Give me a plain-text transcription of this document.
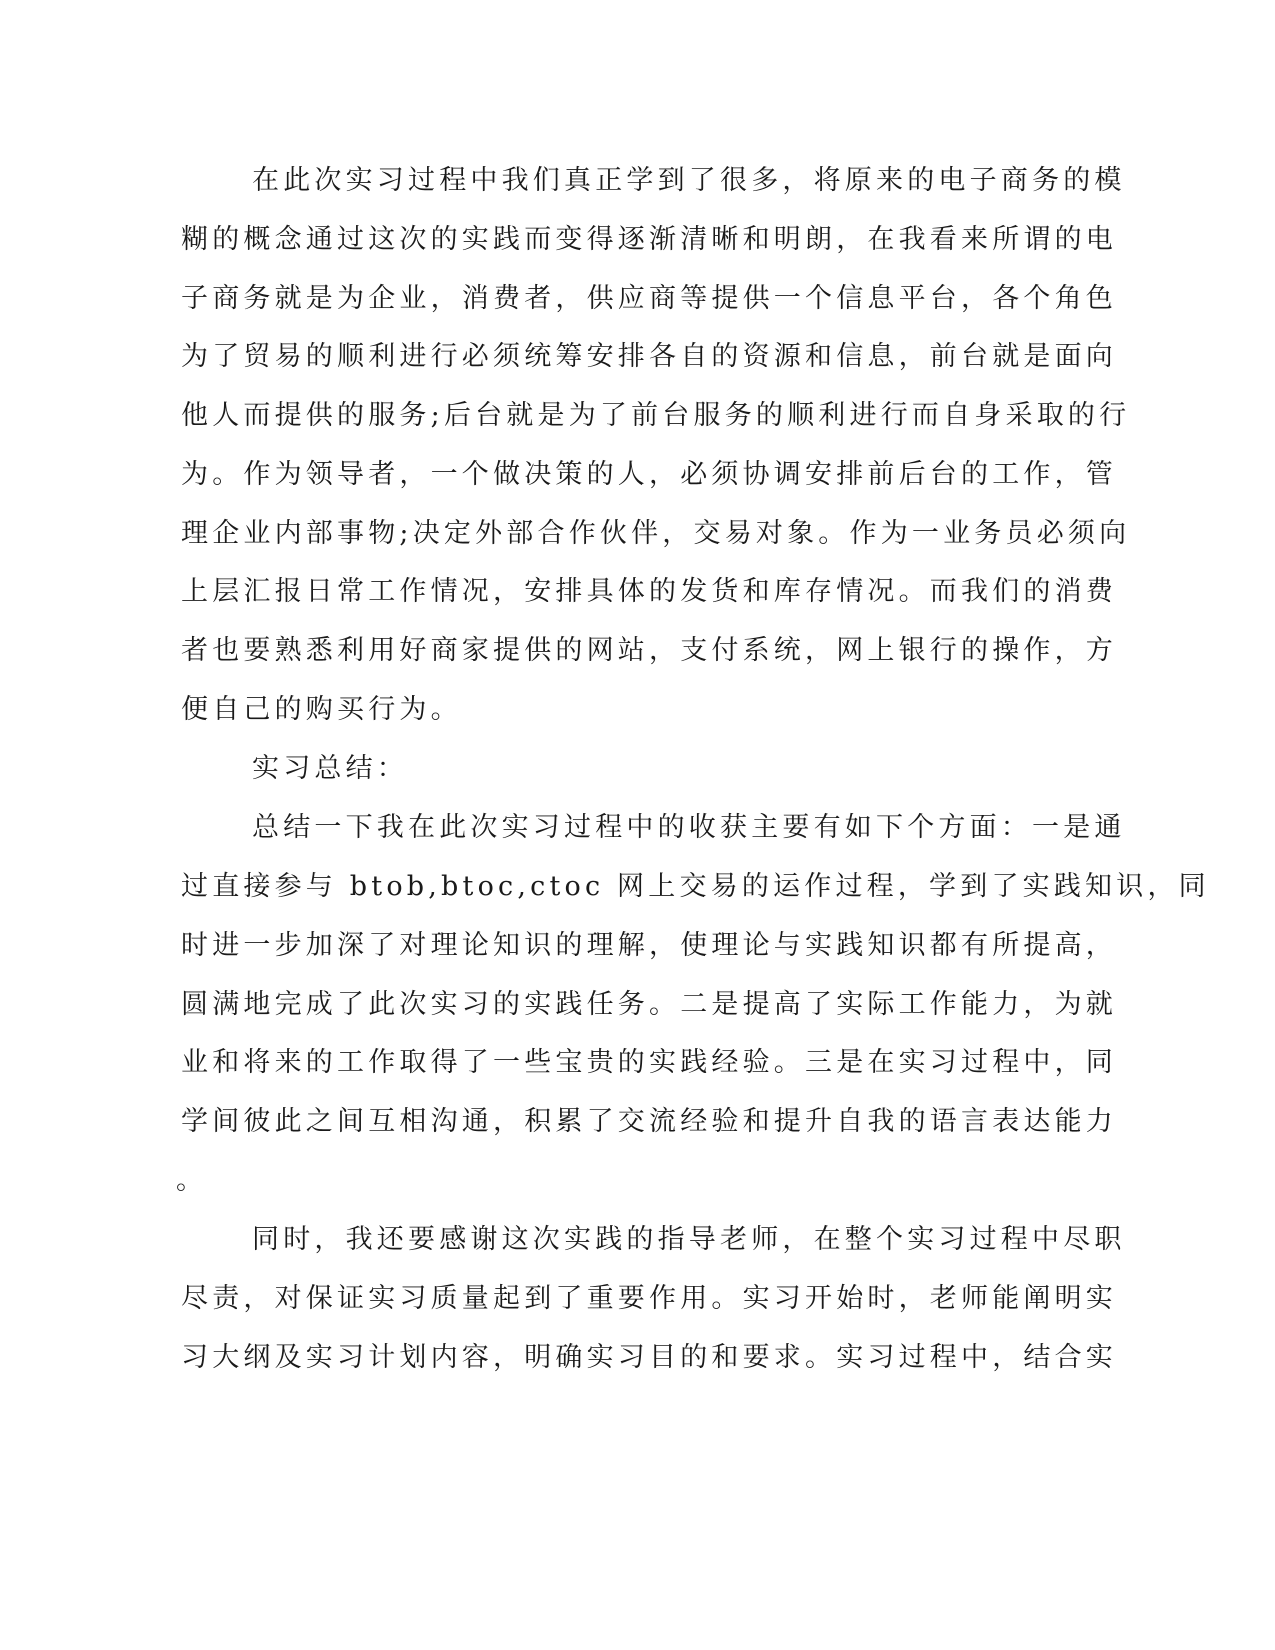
在此次实习过程中我们真正学到了很多，将原来的电子商务的模
糊的概念通过这次的实践而变得逐渐清晰和明朗，在我看来所谓的电
子商务就是为企业，消费者，供应商等提供一个信息平台，各个角色
为了贸易的顺利进行必须统筹安排各自的资源和信息，前台就是面向
他人而提供的服务;后台就是为了前台服务的顺利进行而自身采取的行
为。作为领导者，一个做决策的人，必须协调安排前后台的工作，管
理企业内部事物;决定外部合作伙伴，交易对象。作为一业务员必须向
上层汇报日常工作情况，安排具体的发货和库存情况。而我们的消费
者也要熟悉利用好商家提供的网站，支付系统，网上银行的操作，方
便自己的购买行为。
实习总结：
总结一下我在此次实习过程中的收获主要有如下个方面：一是通
过直接参与 btob,btoc,ctoc 网上交易的运作过程，学到了实践知识，同
时进一步加深了对理论知识的理解，使理论与实践知识都有所提高，
圆满地完成了此次实习的实践任务。二是提高了实际工作能力，为就
业和将来的工作取得了一些宝贵的实践经验。三是在实习过程中，同
学间彼此之间互相沟通，积累了交流经验和提升自我的语言表达能力
。
同时，我还要感谢这次实践的指导老师，在整个实习过程中尽职
尽责，对保证实习质量起到了重要作用。实习开始时，老师能阐明实
习大纲及实习计划内容，明确实习目的和要求。实习过程中，结合实
